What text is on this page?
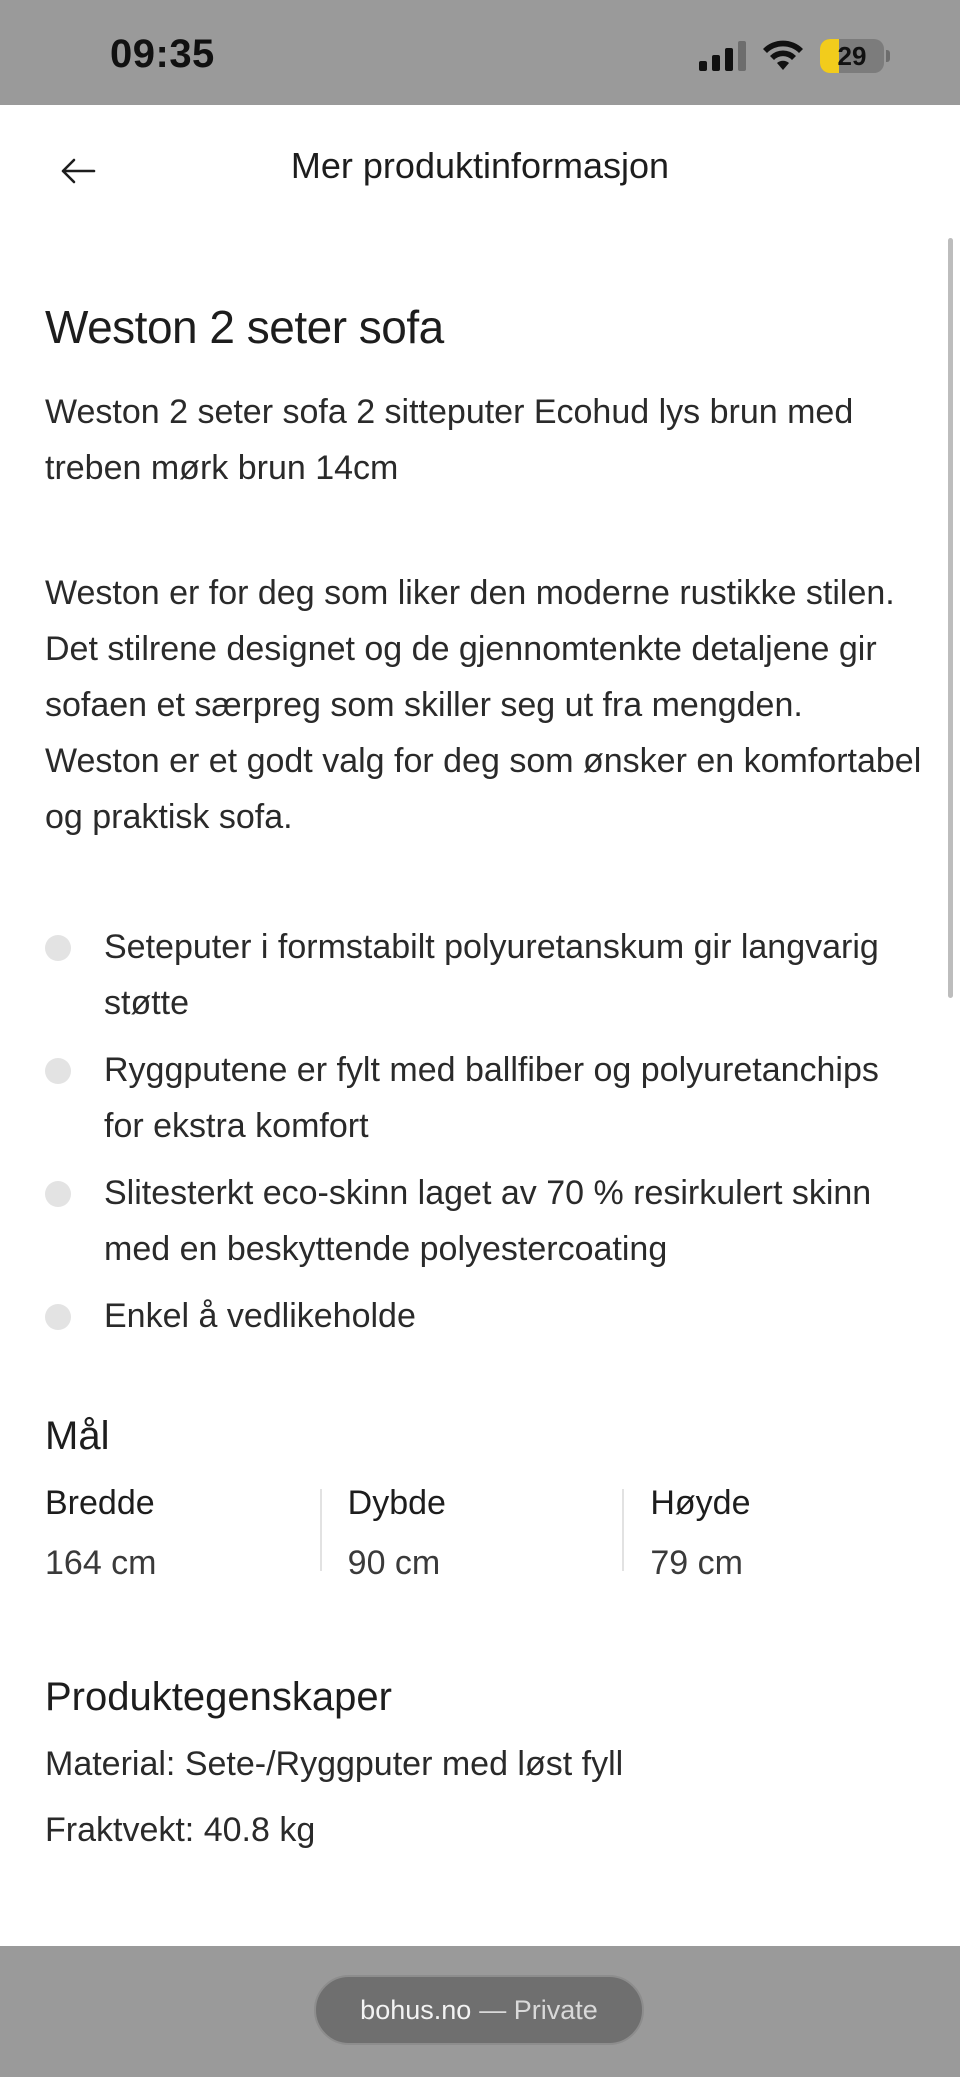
09:35	29
Mer produktinformasjon
Weston 2 seter sofa

Weston 2 seter sofa 2 sitteputer Ecohud lys brun med treben mørk brun 14cm

Weston er for deg som liker den moderne rustikke stilen. Det stilrene designet og de gjennomtenkte detaljene gir sofaen et særpreg som skiller seg ut fra mengden. Weston er et godt valg for deg som ønsker en komfortabel og praktisk sofa.

Seteputer i formstabilt polyuretanskum gir langvarig støtte
Ryggputene er fylt med ballfiber og polyuretanchips for ekstra komfort
Slitesterkt eco-skinn laget av 70 % resirkulert skinn med en beskyttende polyestercoating
Enkel å vedlikeholde
Mål
Bredde
164 cm
Dybde
90 cm
Høyde
79 cm
Produktegenskaper
Material: Sete-/Ryggputer med løst fyll
Fraktvekt: 40.8 kg
bohus.no — Private
